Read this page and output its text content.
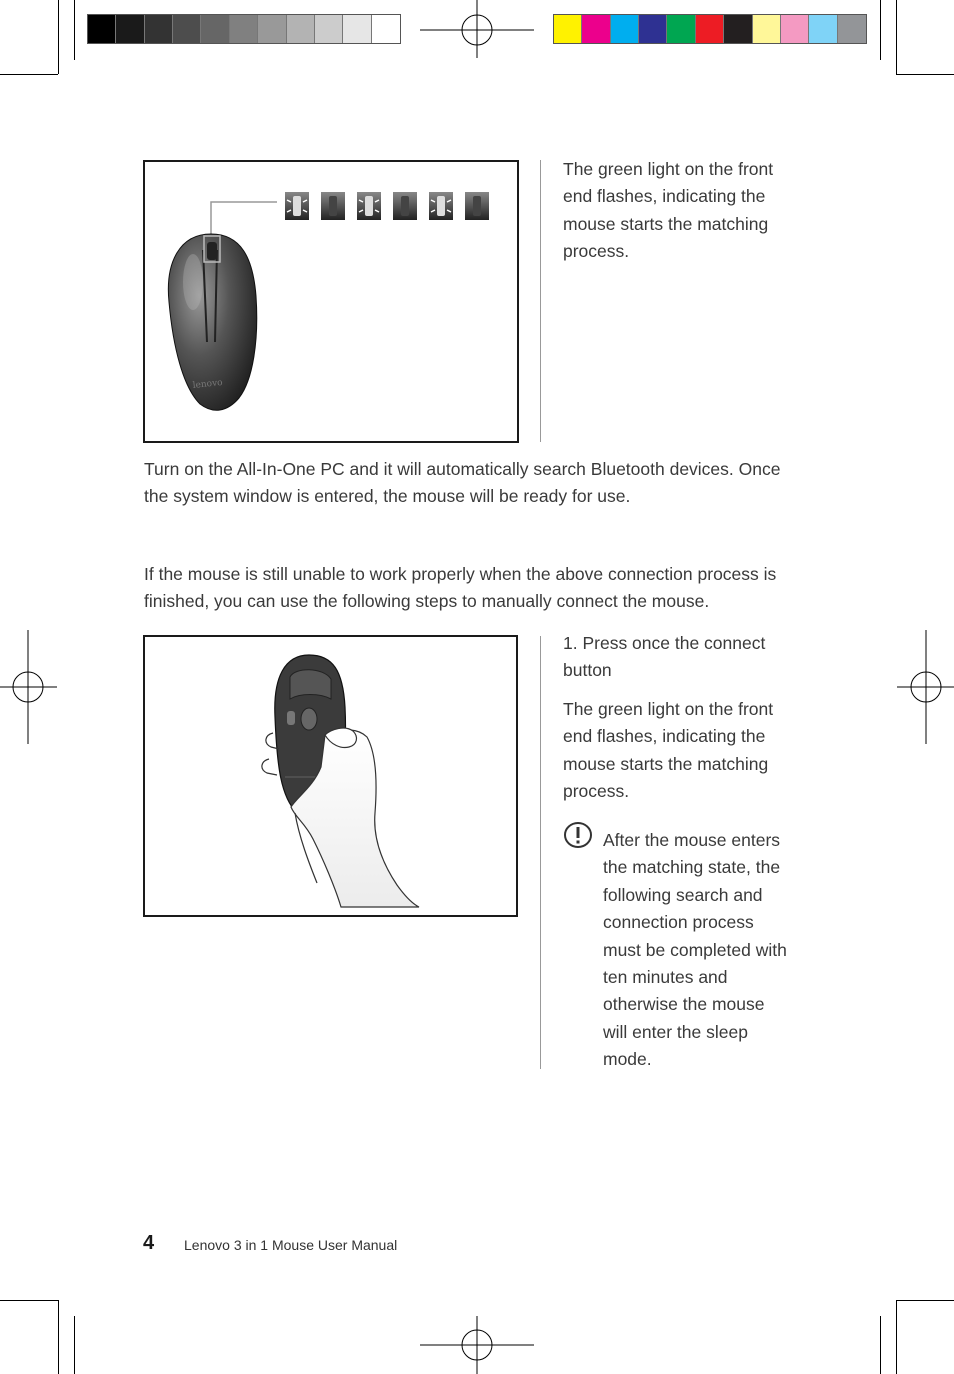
lenovo
The green light on the front end flashes, indicating the mouse starts the matching process.

Turn on the All-In-One PC and it will automatically search Bluetooth devices. Once the system window is entered, the mouse will be ready for use.

If the mouse is still unable to work properly when the above connection process is finished, you can use the following steps to manually connect the mouse.

1. Press once the connect button
The green light on the front end flashes, indicating the mouse starts the matching process.
After the mouse enters the matching state, the following search and connection process must be completed with ten minutes and otherwise the mouse will enter the sleep mode.
4 Lenovo 3 in 1 Mouse User Manual
